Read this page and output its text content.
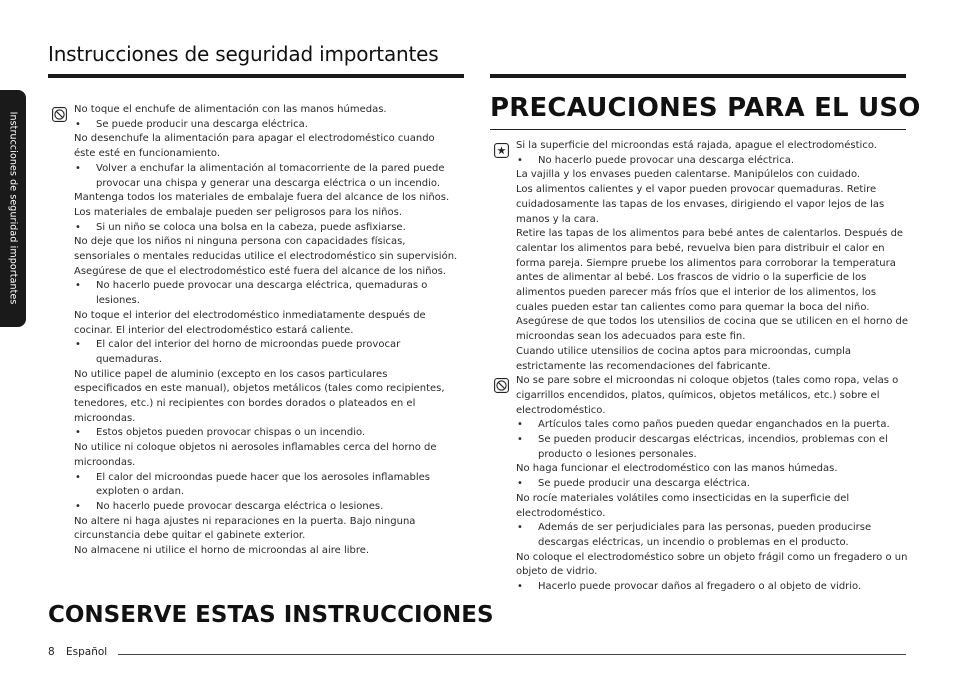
Instrucciones de seguridad importantes
Instrucciones de seguridad importantes
PRECAUCIONES PARA EL USO

No toque el enchufe de alimentación con las manos húmedas.

• Se puede producir una descarga eléctrica.

No desenchufe la alimentación para apagar el electrodoméstico cuando éste esté en funcionamiento.

• Volver a enchufar la alimentación al tomacorriente de la pared puede provocar una chispa y generar una descarga eléctrica o un incendio.

Mantenga todos los materiales de embalaje fuera del alcance de los niños. Los materiales de embalaje pueden ser peligrosos para los niños.

• Si un niño se coloca una bolsa en la cabeza, puede asfixiarse.

No deje que los niños ni ninguna persona con capacidades físicas, sensoriales o mentales reducidas utilice el electrodoméstico sin supervisión. Asegúrese de que el electrodoméstico esté fuera del alcance de los niños.

• No hacerlo puede provocar una descarga eléctrica, quemaduras o lesiones.

No toque el interior del electrodoméstico inmediatamente después de cocinar. El interior del electrodoméstico estará caliente.

• El calor del interior del horno de microondas puede provocar quemaduras.

No utilice papel de aluminio (excepto en los casos particulares especificados en este manual), objetos metálicos (tales como recipientes, tenedores, etc.) ni recipientes con bordes dorados o plateados en el microondas.

• Estos objetos pueden provocar chispas o un incendio.

No utilice ni coloque objetos ni aerosoles inflamables cerca del horno de microondas.

• El calor del microondas puede hacer que los aerosoles inflamables exploten o ardan.

• No hacerlo puede provocar descarga eléctrica o lesiones.

No altere ni haga ajustes ni reparaciones en la puerta. Bajo ninguna circunstancia debe quitar el gabinete exterior.

No almacene ni utilice el horno de microondas al aire libre.

Si la superficie del microondas está rajada, apague el electrodoméstico.

• No hacerlo puede provocar una descarga eléctrica.

La vajilla y los envases pueden calentarse. Manipúlelos con cuidado.

Los alimentos calientes y el vapor pueden provocar quemaduras. Retire cuidadosamente las tapas de los envases, dirigiendo el vapor lejos de las manos y la cara.

Retire las tapas de los alimentos para bebé antes de calentarlos. Después de calentar los alimentos para bebé, revuelva bien para distribuir el calor en forma pareja. Siempre pruebe los alimentos para corroborar la temperatura antes de alimentar al bebé. Los frascos de vidrio o la superficie de los alimentos pueden parecer más fríos que el interior de los alimentos, los cuales pueden estar tan calientes como para quemar la boca del niño.

Asegúrese de que todos los utensilios de cocina que se utilicen en el horno de microondas sean los adecuados para este fin.

Cuando utilice utensilios de cocina aptos para microondas, cumpla estrictamente las recomendaciones del fabricante.

No se pare sobre el microondas ni coloque objetos (tales como ropa, velas o cigarrillos encendidos, platos, químicos, objetos metálicos, etc.) sobre el electrodoméstico.

• Artículos tales como paños pueden quedar enganchados en la puerta.

• Se pueden producir descargas eléctricas, incendios, problemas con el producto o lesiones personales.

No haga funcionar el electrodoméstico con las manos húmedas.

• Se puede producir una descarga eléctrica.

No rocíe materiales volátiles como insecticidas en la superficie del electrodoméstico.

• Además de ser perjudiciales para las personas, pueden producirse descargas eléctricas, un incendio o problemas en el producto.

No coloque el electrodoméstico sobre un objeto frágil como un fregadero o un objeto de vidrio.

• Hacerlo puede provocar daños al fregadero o al objeto de vidrio.

CONSERVE ESTAS INSTRUCCIONES
8 Español
